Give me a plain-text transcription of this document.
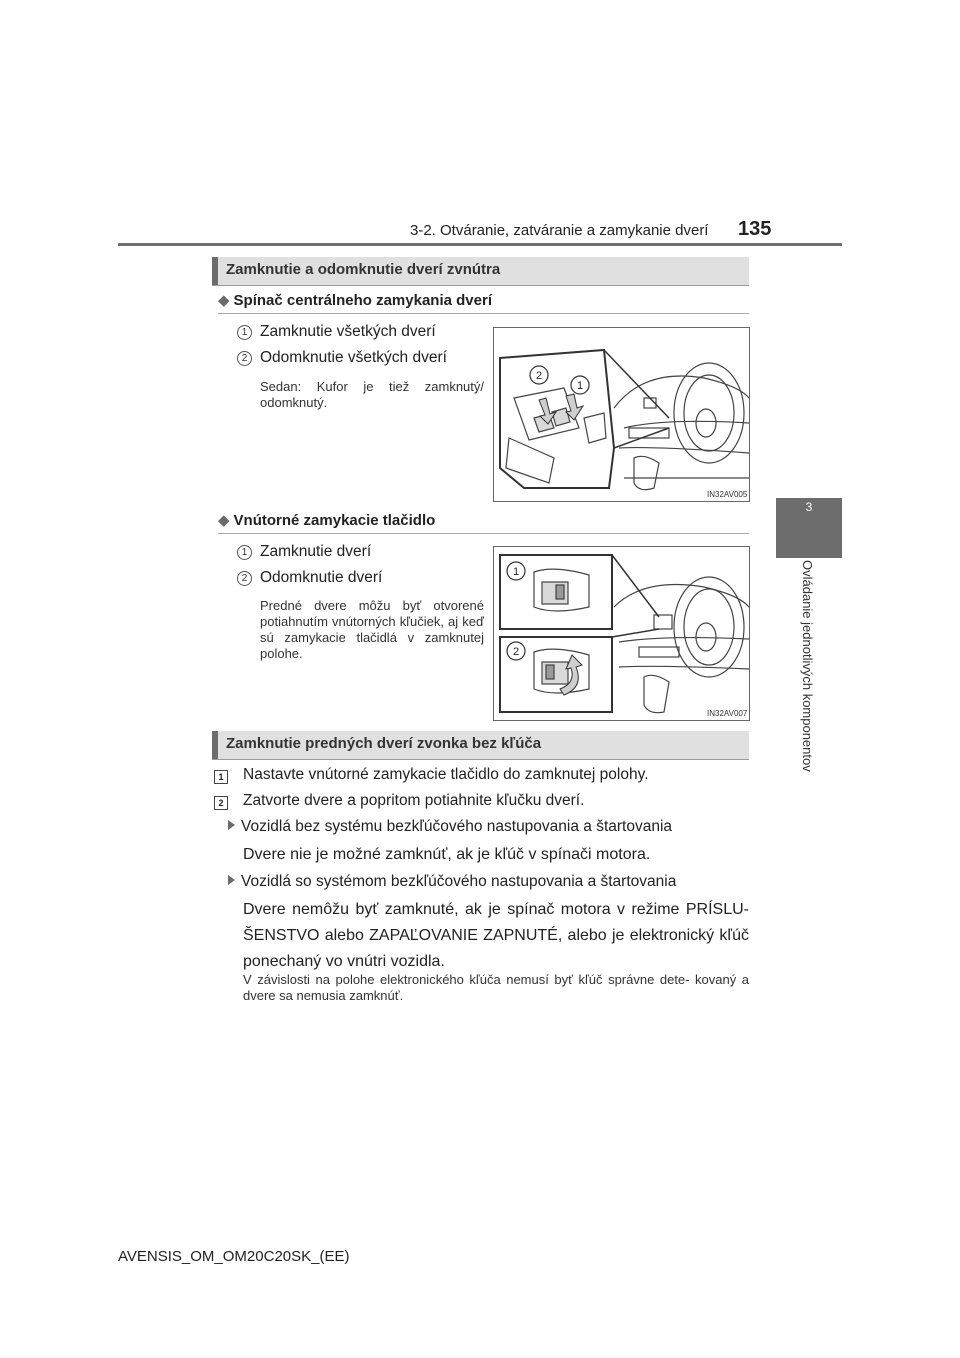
3-2. Otváranie, zatváranie a zamykanie dverí 135
3
Ovládanie jednotlivých komponentov
Zamknutie a odomknutie dverí zvnútra
◆ Spínač centrálneho zamykania dverí
1 Zamknutie všetkých dverí
2 Odomknutie všetkých dverí
Sedan: Kufor je tiež zamknutý/ odomknutý.
2
1
IN32AV005
◆ Vnútorné zamykacie tlačidlo
1 Zamknutie dverí
2 Odomknutie dverí
Predné dvere môžu byť otvorené potiahnutím vnútorných kľučiek, aj keď sú zamykacie tlačidlá v zamknutej polohe.
1
2
IN32AV007
Zamknutie predných dverí zvonka bez kľúča
1 Nastavte vnútorné zamykacie tlačidlo do zamknutej polohy.
2 Zatvorte dvere a popritom potiahnite kľučku dverí.
Vozidlá bez systému bezkľúčového nastupovania a štartovania
Dvere nie je možné zamknúť, ak je kľúč v spínači motora.
Vozidlá so systémom bezkľúčového nastupovania a štartovania
Dvere nemôžu byť zamknuté, ak je spínač motora v režime PRÍSLU- ŠENSTVO alebo ZAPAĽOVANIE ZAPNUTÉ, alebo je elektronický kľúč ponechaný vo vnútri vozidla.
V závislosti na polohe elektronického kľúča nemusí byť kľúč správne dete- kovaný a dvere sa nemusia zamknúť.
AVENSIS_OM_OM20C20SK_(EE)
